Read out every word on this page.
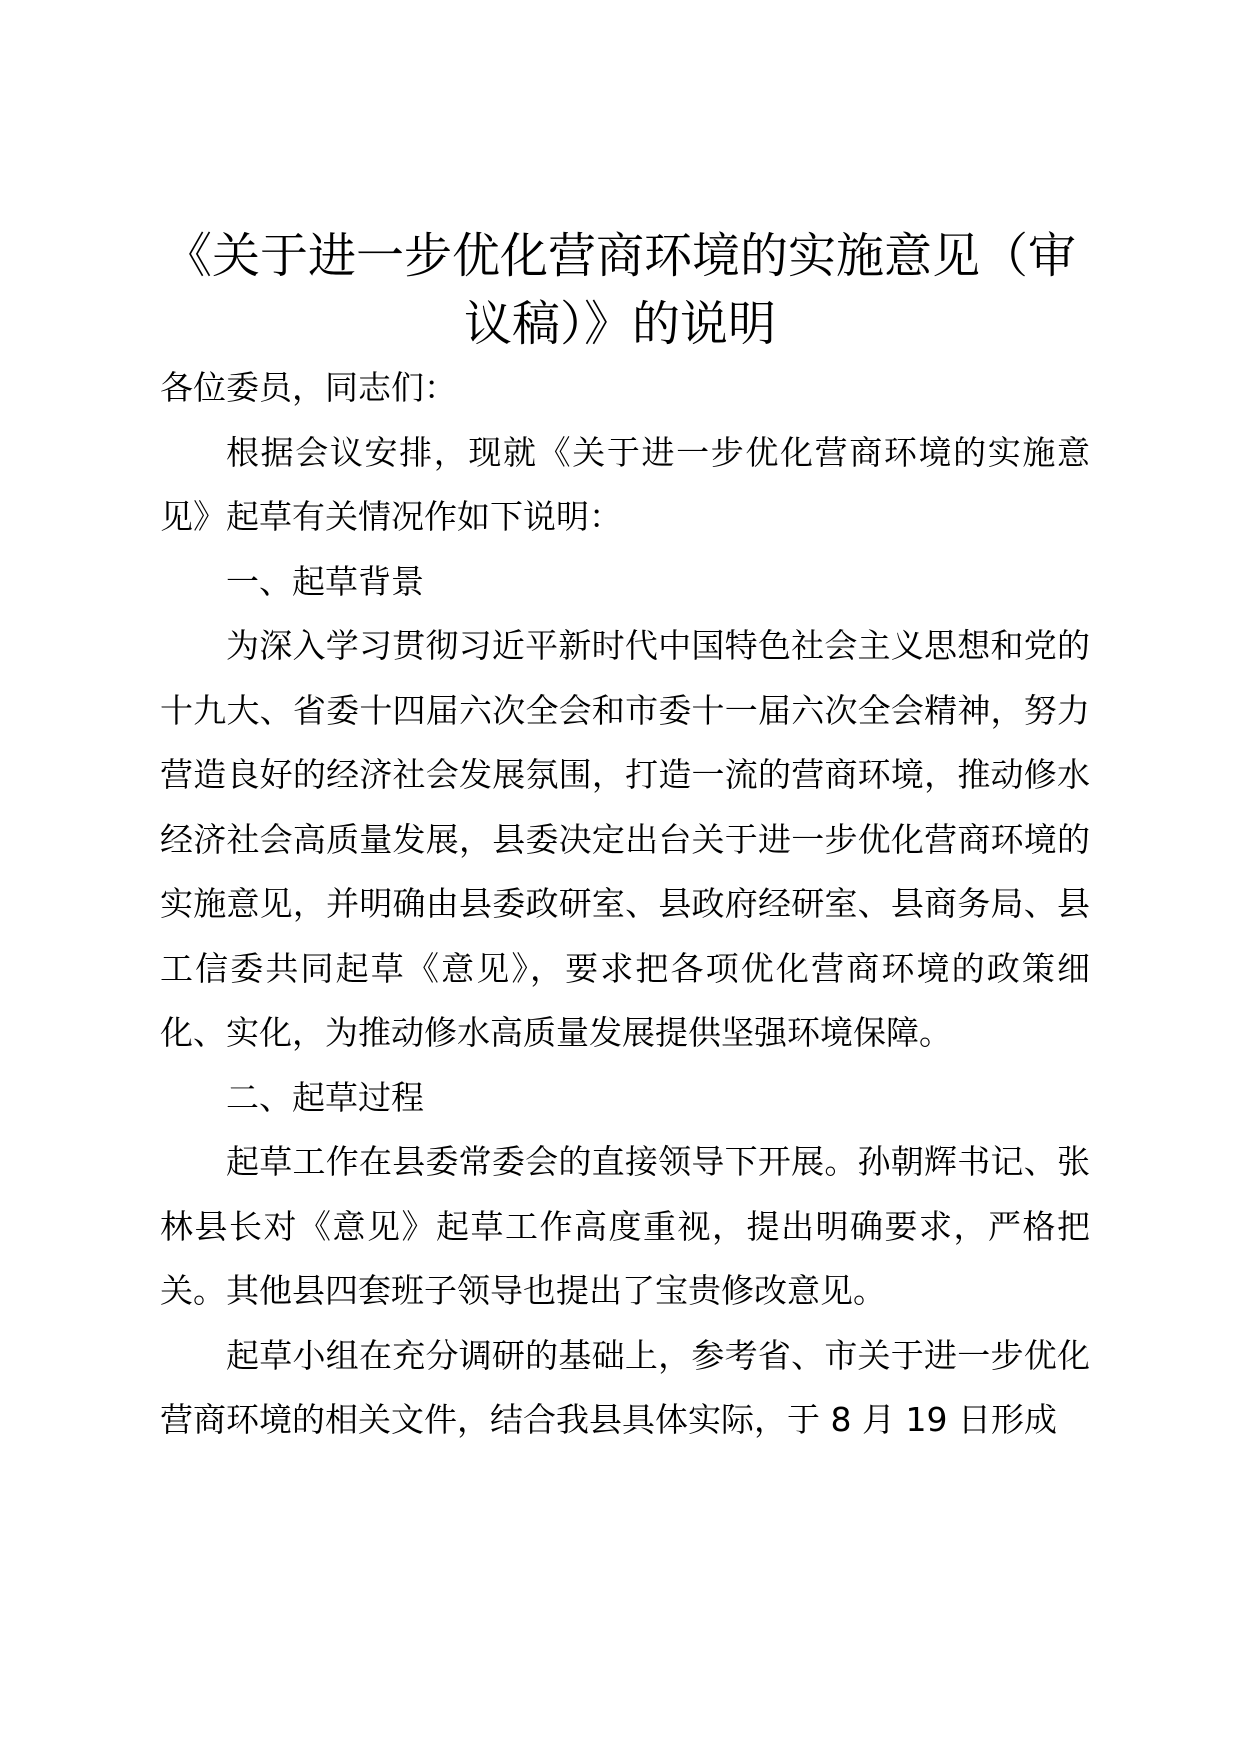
《关于进一步优化营商环境的实施意见（审议稿）》的说明

各位委员，同志们：

根据会议安排，现就《关于进一步优化营商环境的实施意见》起草有关情况作如下说明：

一、起草背景

为深入学习贯彻习近平新时代中国特色社会主义思想和党的十九大、省委十四届六次全会和市委十一届六次全会精神，努力营造良好的经济社会发展氛围，打造一流的营商环境，推动修水经济社会高质量发展，县委决定出台关于进一步优化营商环境的实施意见，并明确由县委政研室、县政府经研室、县商务局、县工信委共同起草《意见》，要求把各项优化营商环境的政策细化、实化，为推动修水高质量发展提供坚强环境保障。

二、起草过程

起草工作在县委常委会的直接领导下开展。孙朝辉书记、张林县长对《意见》起草工作高度重视，提出明确要求，严格把关。其他县四套班子领导也提出了宝贵修改意见。

起草小组在充分调研的基础上，参考省、市关于进一步优化营商环境的相关文件，结合我县具体实际，于 8 月 19 日形成
